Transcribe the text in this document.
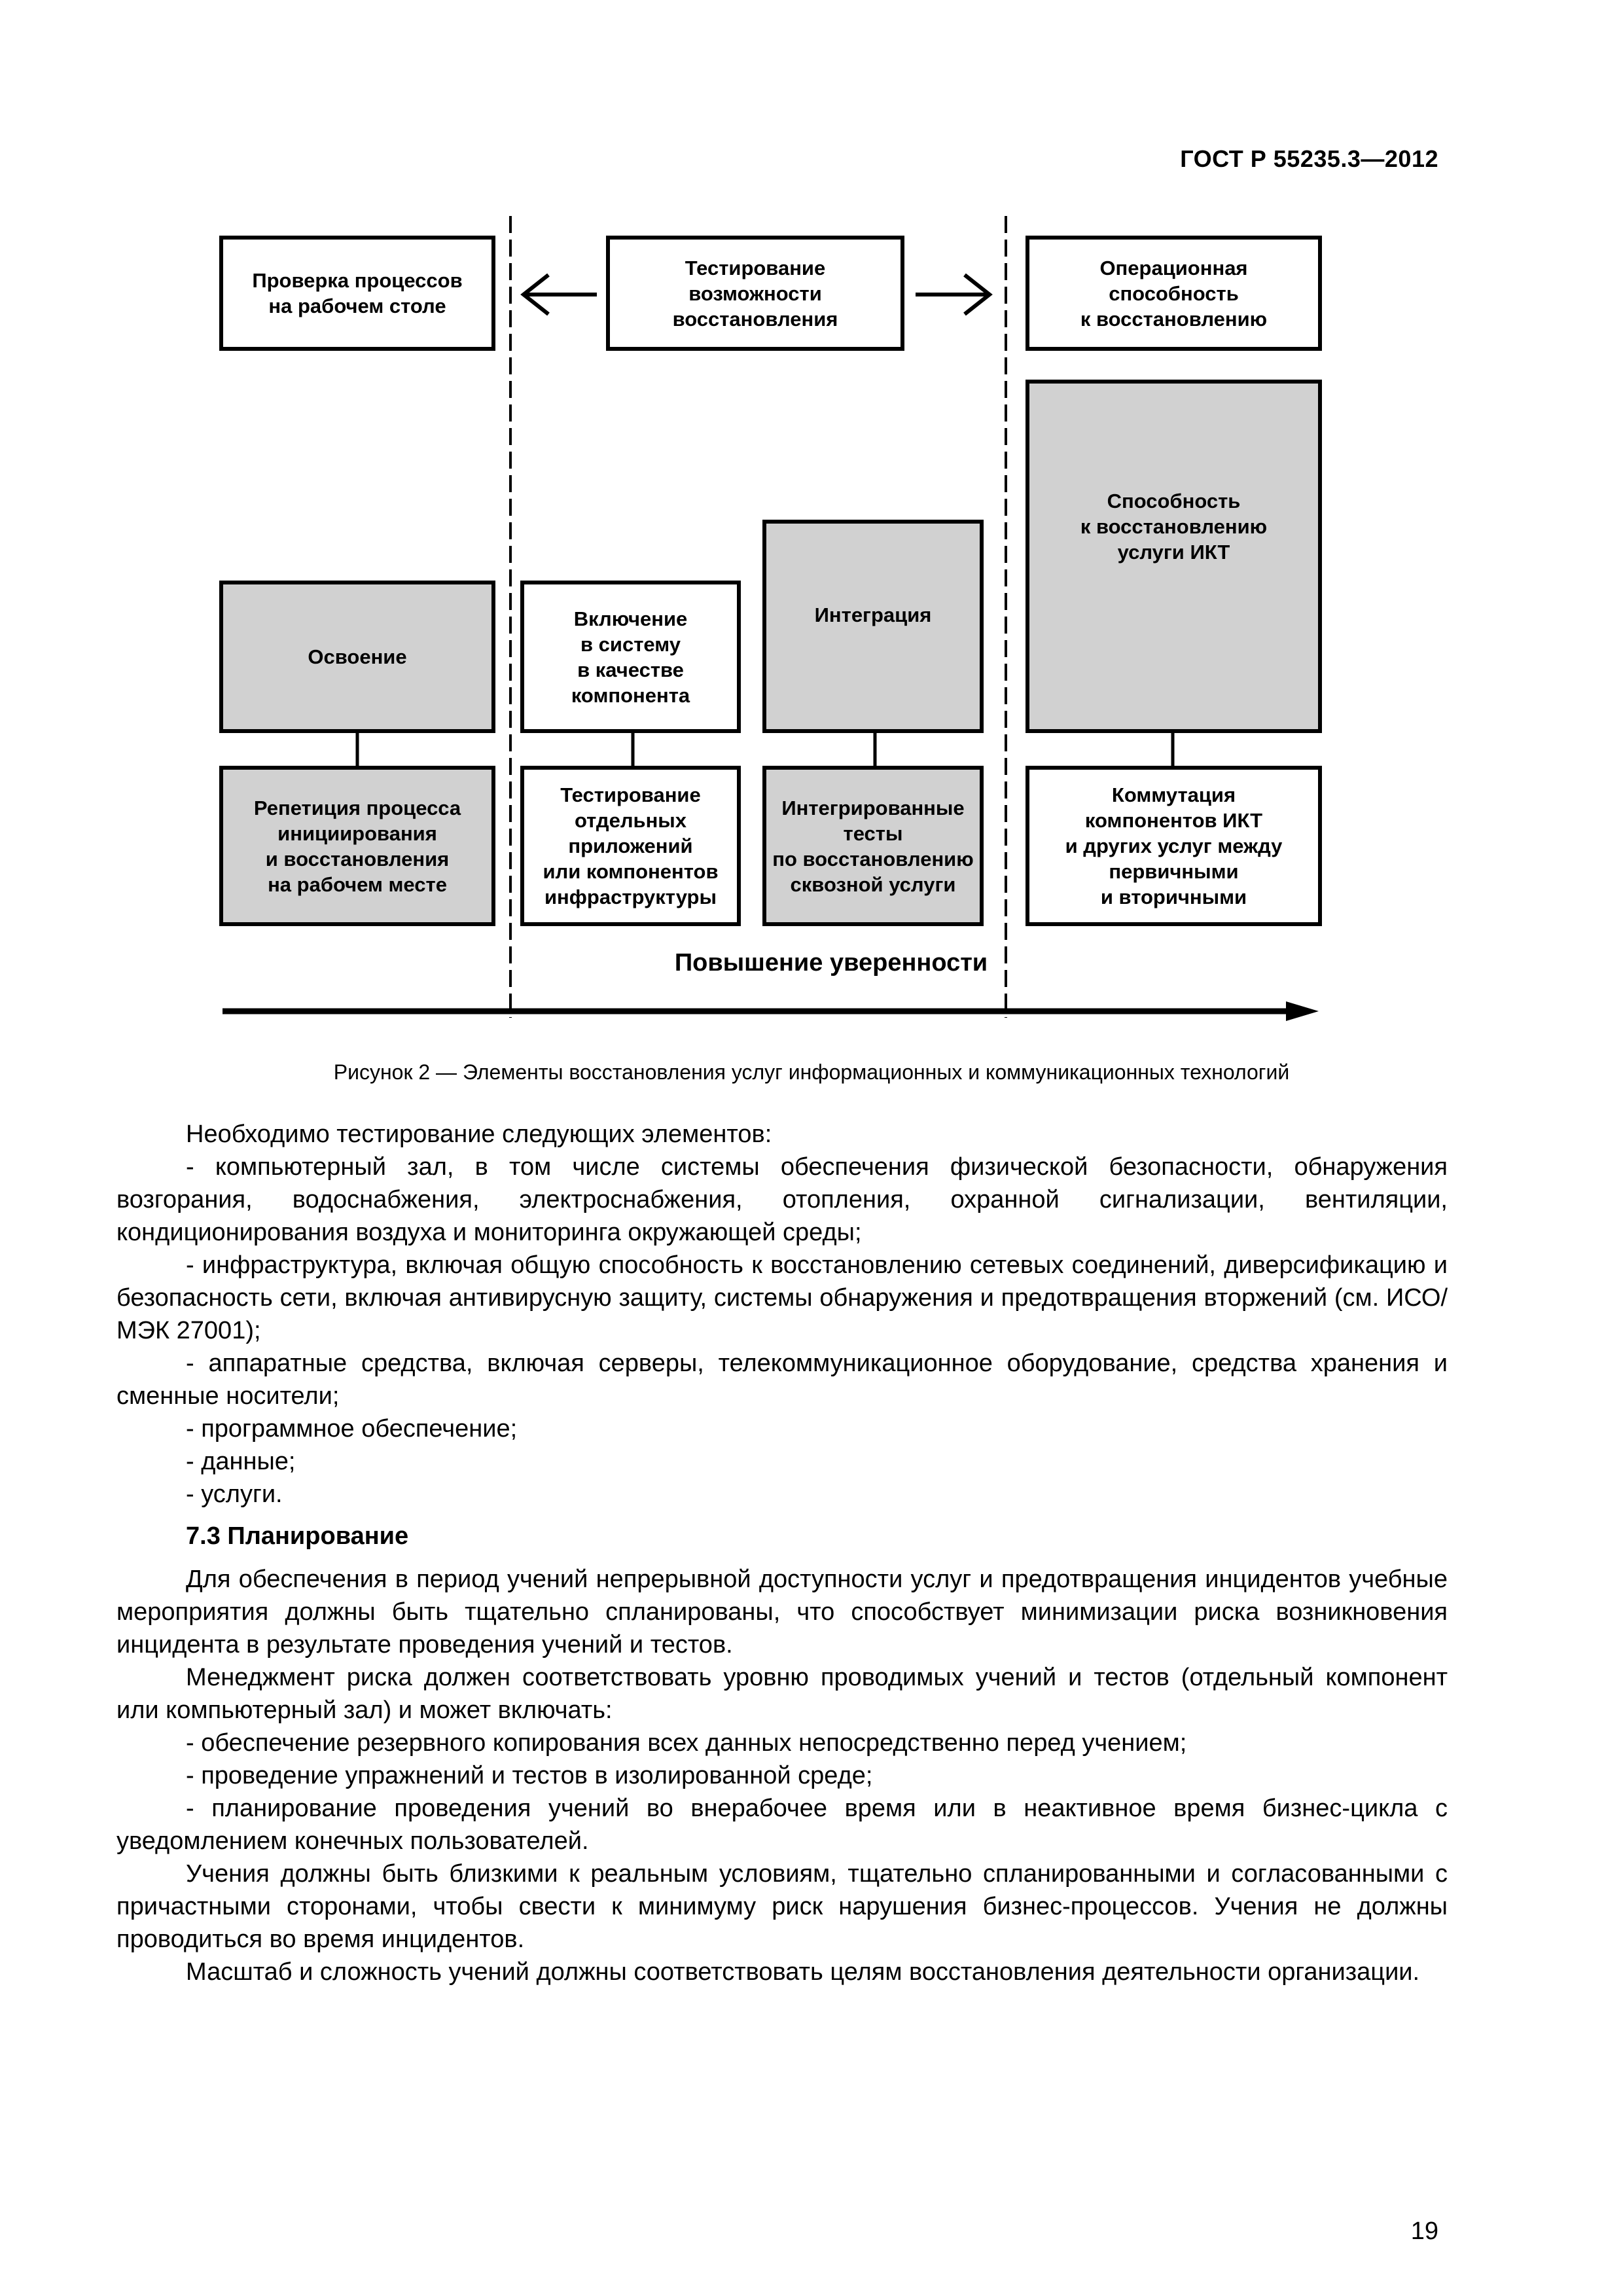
ГОСТ Р 55235.3—2012
Проверка процессов
на рабочем столе
Тестирование
возможности
восстановления
Операционная
способность
к восстановлению
Освоение
Включение
в систему
в качестве
компонента
Интеграция
Способность
к восстановлению
услуги ИКТ
Репетиция процесса
инициирования
и восстановления
на рабочем месте
Тестирование
отдельных
приложений
или компонентов
инфраструктуры
Интегрированные
тесты
по восстановлению
сквозной услуги
Коммутация
компонентов ИКТ
и других услуг между
первичными
и вторичными
Повышение уверенности
Рисунок 2 — Элементы восстановления услуг информационных и коммуникационных технологий

Необходимо тестирование следующих элементов:

- компьютерный зал, в том числе системы обеспечения физической безопасности, обнаружения возгорания, водоснабжения, электроснабжения, отопления, охранной сигнализации, вентиляции, кондиционирования воздуха и мониторинга окружающей среды;

- инфраструктура, включая общую способность к восстановлению сетевых соединений, диверсификацию и безопасность сети, включая антивирусную защиту, системы обнаружения и предотвращения вторжений (см. ИСО/МЭК 27001);

- аппаратные средства, включая серверы, телекоммуникационное оборудование, средства хранения и сменные носители;

- программное обеспечение;

- данные;

- услуги.

7.3 Планирование

Для обеспечения в период учений непрерывной доступности услуг и предотвращения инцидентов учебные мероприятия должны быть тщательно спланированы, что способствует минимизации риска возникновения инцидента в результате проведения учений и тестов.

Менеджмент риска должен соответствовать уровню проводимых учений и тестов (отдельный компонент или компьютерный зал) и может включать:

- обеспечение резервного копирования всех данных непосредственно перед учением;

- проведение упражнений и тестов в изолированной среде;

- планирование проведения учений во внерабочее время или в неактивное время бизнес-цикла с уведомлением конечных пользователей.

Учения должны быть близкими к реальным условиям, тщательно спланированными и согласованными с причастными сторонами, чтобы свести к минимуму риск нарушения бизнес-процессов. Учения не должны проводиться во время инцидентов.

Масштаб и сложность учений должны соответствовать целям восстановления деятельности организации.

19
